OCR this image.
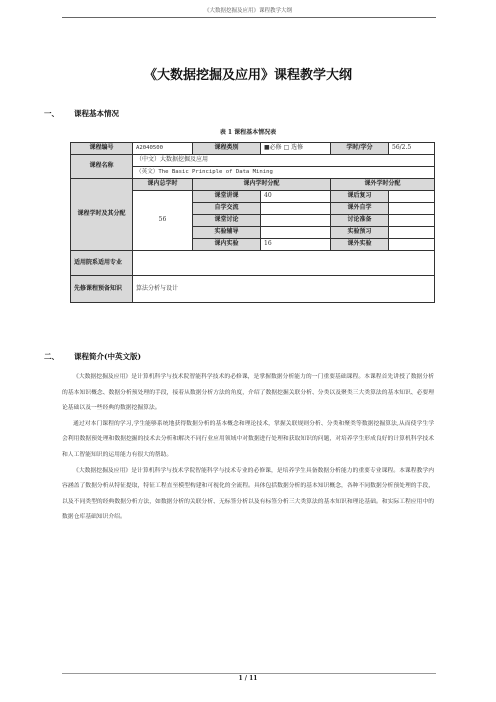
《大数据挖掘及应用》课程教学大纲
《大数据挖掘及应用》课程教学大纲
一、 课程基本情况
表 1 课程基本情况表
课程编号	A2040500	课程类别	■必修 □ 选修	学时/学分	56/2.5
课程名称	（中文）大数据挖掘及应用				
	（英文）The Basic Principle of Data Mining				
课程学时及其分配	课内总学时	课内学时分配		课外学时分配	
	56	课堂讲课	40	课后复习	
		自学交流		课外自学	
		课堂讨论		讨论准备	
		实验辅导		实验预习	
		课内实验	16	课外实验	
适用院系适用专业					
先修课程预备知识	算法分析与设计				
二、 课程简介(中英文版)

《大数据挖掘及应用》是计算机科学与技术院智能科学技术的必修课，是掌握数据分析能力的一门重要基础课程。本课程首先讲授了数据分析的基本知识概念、数据分析预处理的手段，接着从数据分析方法的角度，介绍了数据挖掘关联分析、分类以及聚类三大类算法的基本知识、必要理论基础以及一些经典的数据挖掘算法。

通过对本门课程的学习,学生能够系统地获得数据分析的基本概念和理论技术，掌握关联规则分析、分类和聚类等数据挖掘算法,从而使学生学会利用数据预处理和数据挖掘的技术去分析和解决不同行业应用领域中对数据进行处理和获取知识的问题，对培养学生形成良好的计算机科学技术和人工智能知识的运用能力有很大的帮助。

《大数据挖掘及应用》是计算机科学与技术学院智能科学与技术专业的必修课，是培养学生具备数据分析能力的重要专业课程。本课程教学内容涵盖了数据分析从特征提取，特征工程直至模型构建和可视化的全流程。具体包括数据分析的基本知识概念，各种不同数据分析预处理的手段，以及不同类型的经典数据分析方法，如数据分析的关联分析、无标签分析以及有标签分析三大类算法的基本知识和理论基础。和实际工程应用中的数据仓库基础知识介绍。

1 / 11
